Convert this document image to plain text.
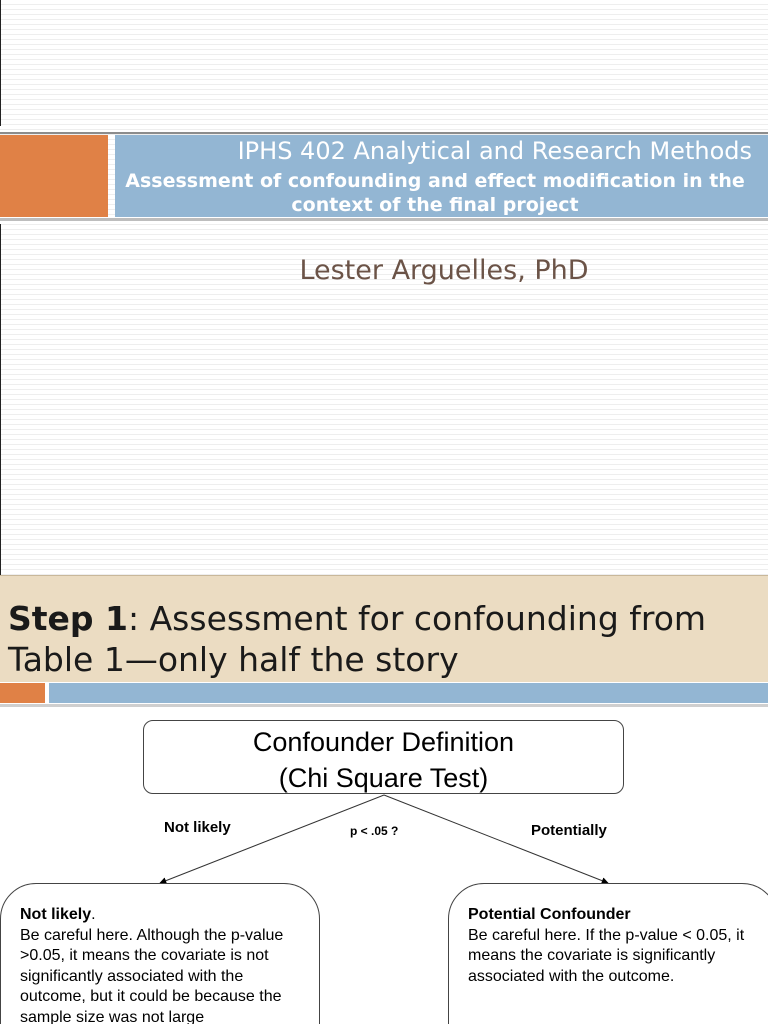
IPHS 402 Analytical and Research Methods
Assessment of confounding and effect modification in the context of the final project
Lester Arguelles, PhD
Step 1: Assessment for confounding from Table 1—only half the story
Confounder Definition
(Chi Square Test)
Not likely	p < .05 ?	Potentially
Not likely.
Be careful here. Although the p-value >0.05, it means the covariate is not significantly associated with the outcome, but it could be because the sample size was not large
Potential Confounder
Be careful here. If the p-value < 0.05, it means the covariate is significantly associated with the outcome.
